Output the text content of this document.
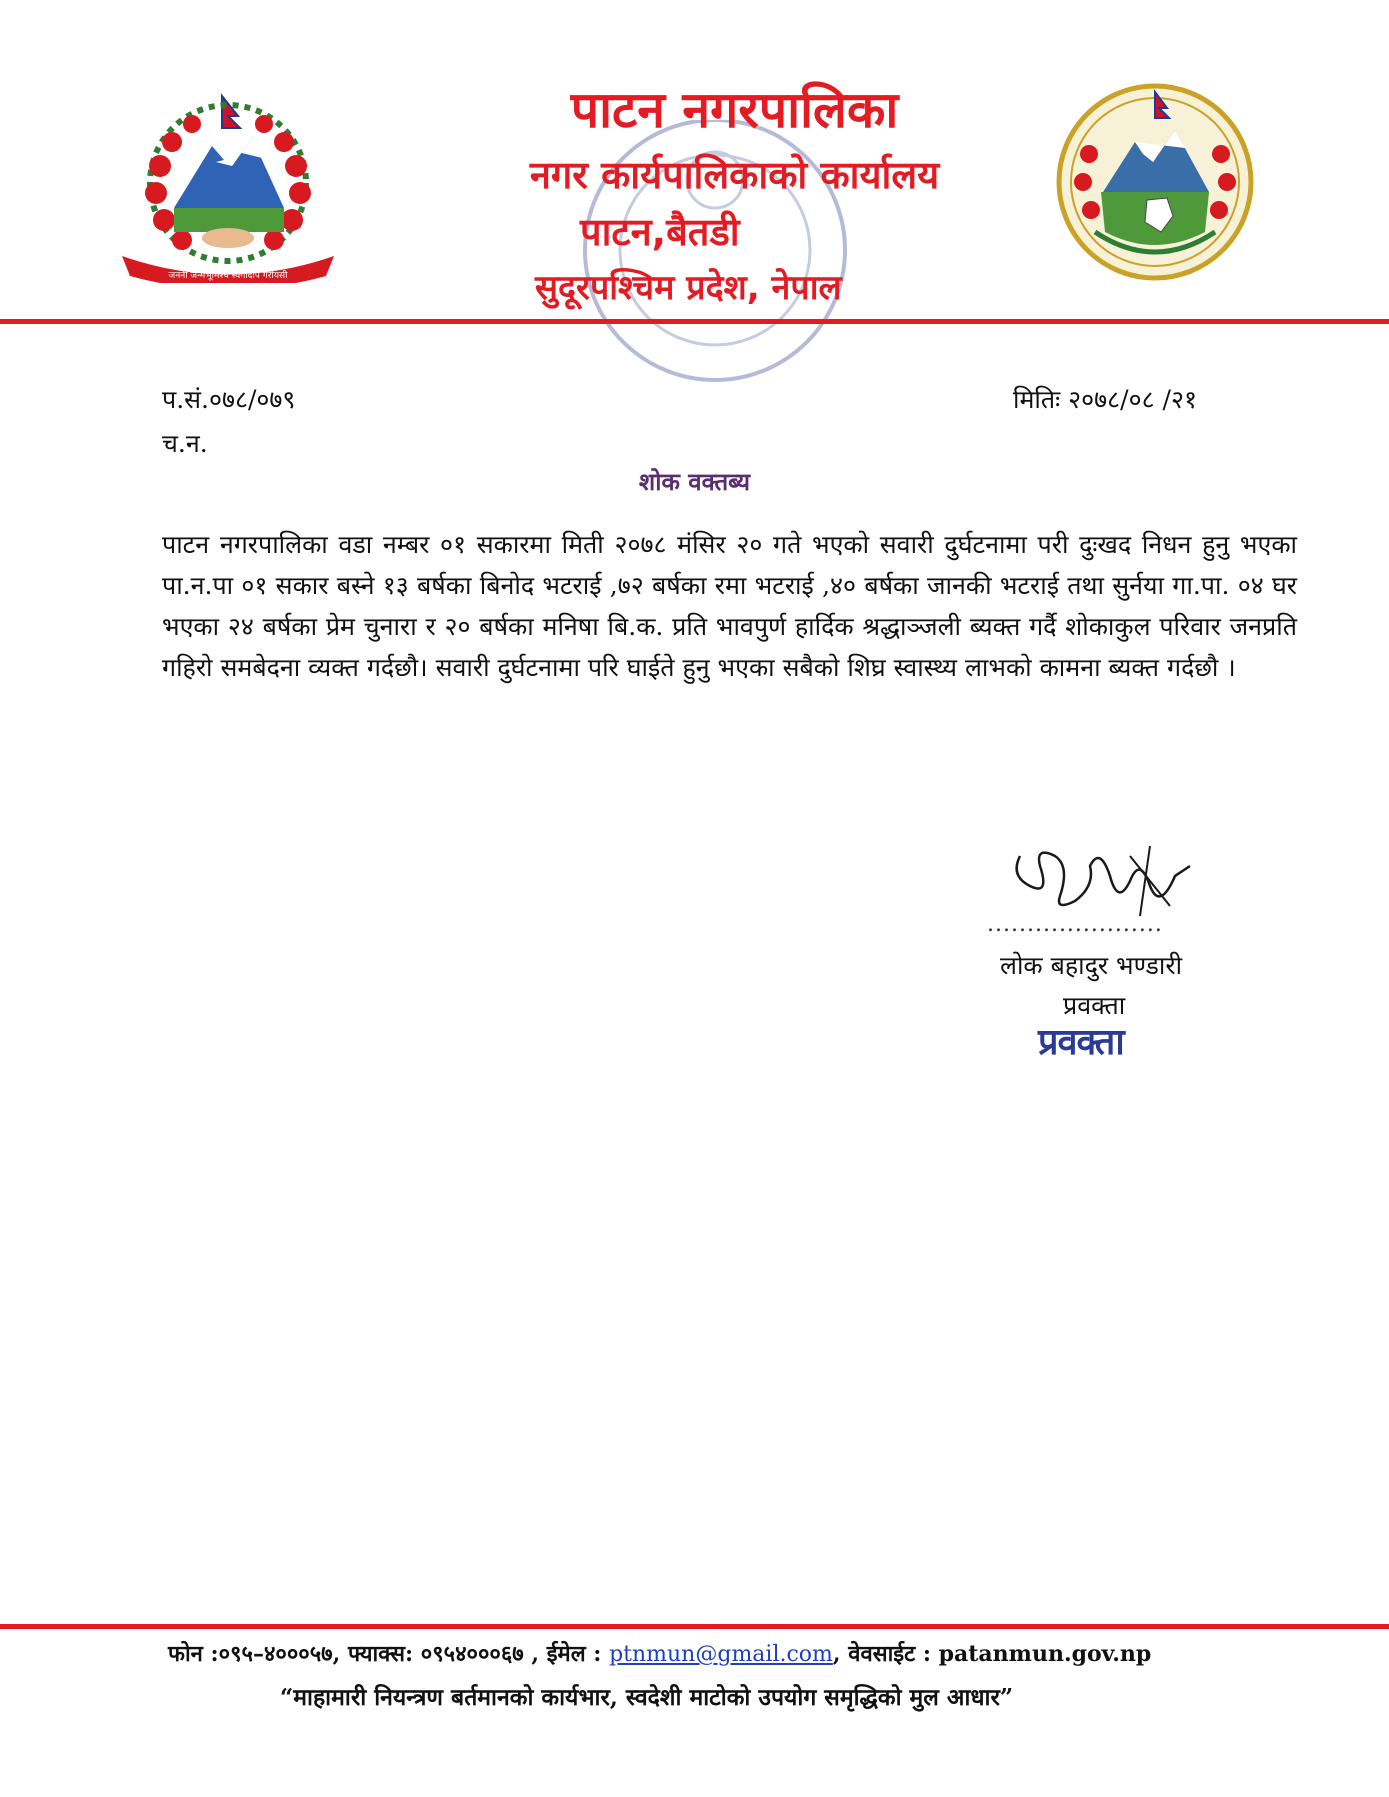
जननी जन्मभूमिश्च स्वर्गादपि गरीयसी
पाटन नगरपालिका
नगर कार्यपालिकाको कार्यालय
पाटन,बैतडी
सुदूरपश्चिम प्रदेश, नेपाल
प.सं.०७८/०७९	मितिः २०७८/०८ /२१
च.न.
शोक वक्तब्य
पाटन नगरपालिका वडा नम्बर ०१ सकारमा मिती २०७८ मंसिर २० गते भएको सवारी दुर्घटनामा परी दुःखद निधन हुनु भएका पा.न.पा ०१ सकार बस्ने १३ बर्षका बिनोद भटराई ,७२ बर्षका रमा भटराई ,४० बर्षका जानकी भटराई तथा सुर्नया गा.पा. ०४ घर भएका २४ बर्षका प्रेम चुनारा र २० बर्षका मनिषा बि.क. प्रति भावपुर्ण हार्दिक श्रद्धाञ्जली ब्यक्त गर्दै शोकाकुल परिवार जनप्रति गहिरो समबेदना व्यक्त गर्दछौ। सवारी दुर्घटनामा परि घाईते हुनु भएका सबैको शिघ्र स्वास्थ्य लाभको कामना ब्यक्त गर्दछौ ।
......................
लोक बहादुर भण्डारी
प्रवक्ता
प्रवक्ता
फोन :०९५–४०००५७, फ्याक्स: ०९५४०००६७ , ईमेल : ptnmun@gmail.com, वेवसाईट : patanmun.gov.np
“माहामारी नियन्त्रण बर्तमानको कार्यभार, स्वदेशी माटोको उपयोग समृद्धिको मुल आधार”
